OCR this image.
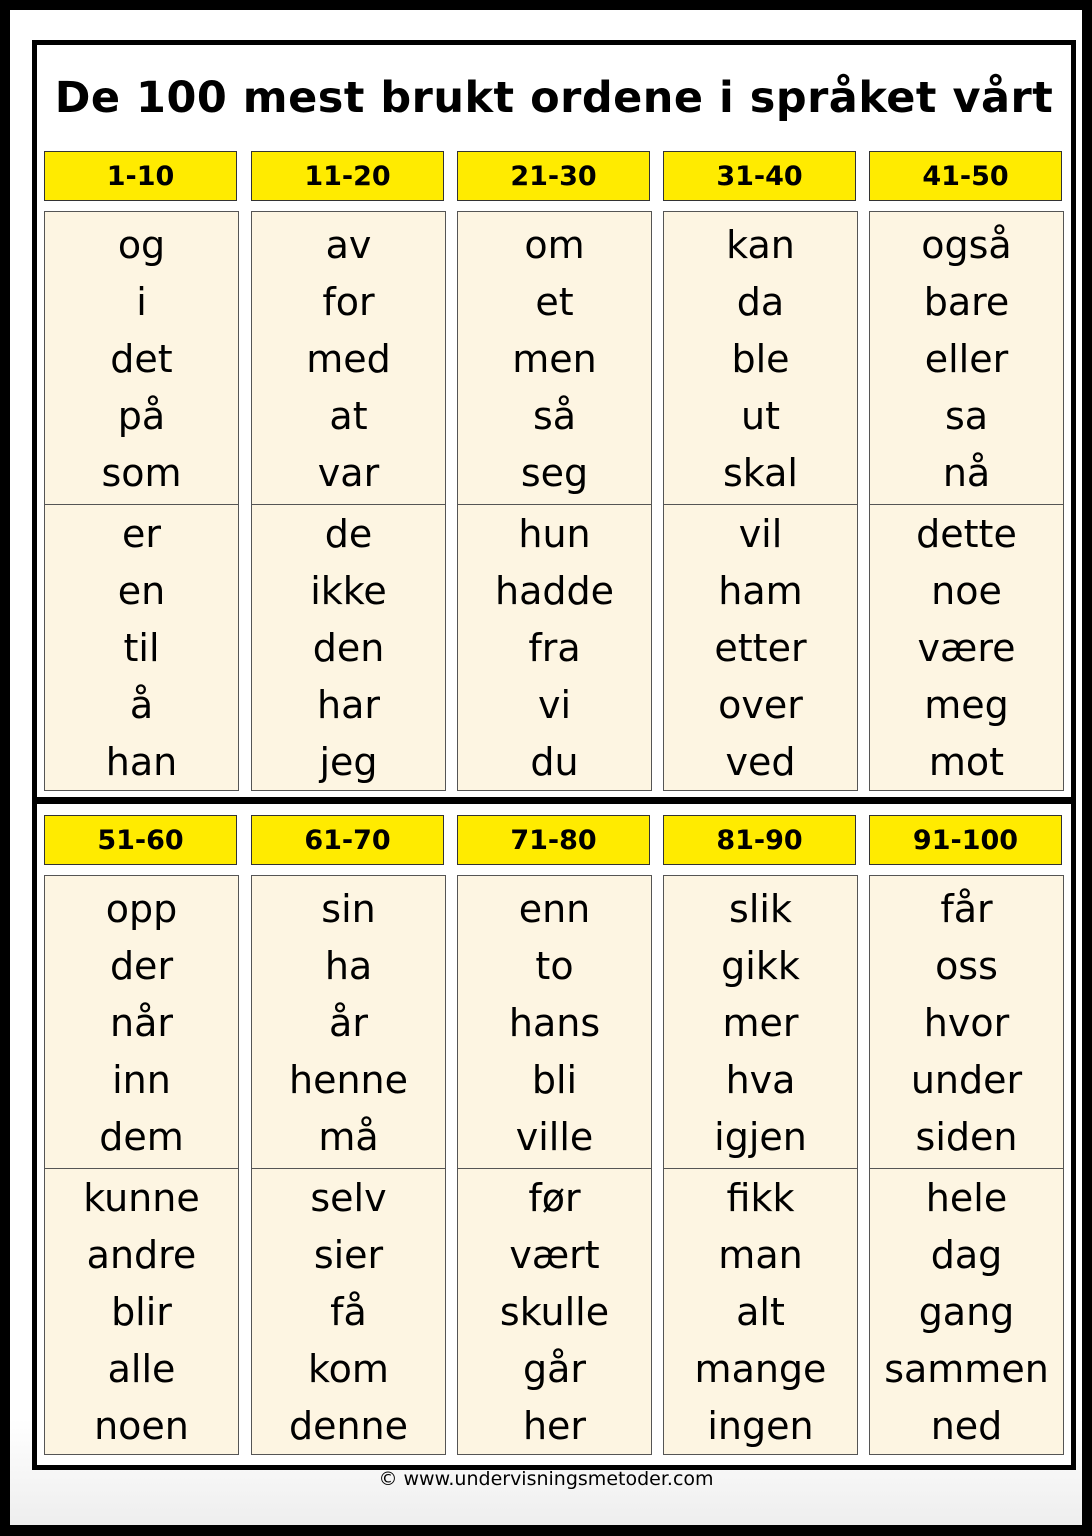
De 100 mest brukt ordene i språket vårt
1-10
og
i
det
på
som
er
en
til
å
han
11-20
av
for
med
at
var
de
ikke
den
har
jeg
21-30
om
et
men
så
seg
hun
hadde
fra
vi
du
31-40
kan
da
ble
ut
skal
vil
ham
etter
over
ved
41-50
også
bare
eller
sa
nå
dette
noe
være
meg
mot
51-60
opp
der
når
inn
dem
kunne
andre
blir
alle
noen
61-70
sin
ha
år
henne
må
selv
sier
få
kom
denne
71-80
enn
to
hans
bli
ville
før
vært
skulle
går
her
81-90
slik
gikk
mer
hva
igjen
fikk
man
alt
mange
ingen
91-100
får
oss
hvor
under
siden
hele
dag
gang
sammen
ned
© www.undervisningsmetoder.com
